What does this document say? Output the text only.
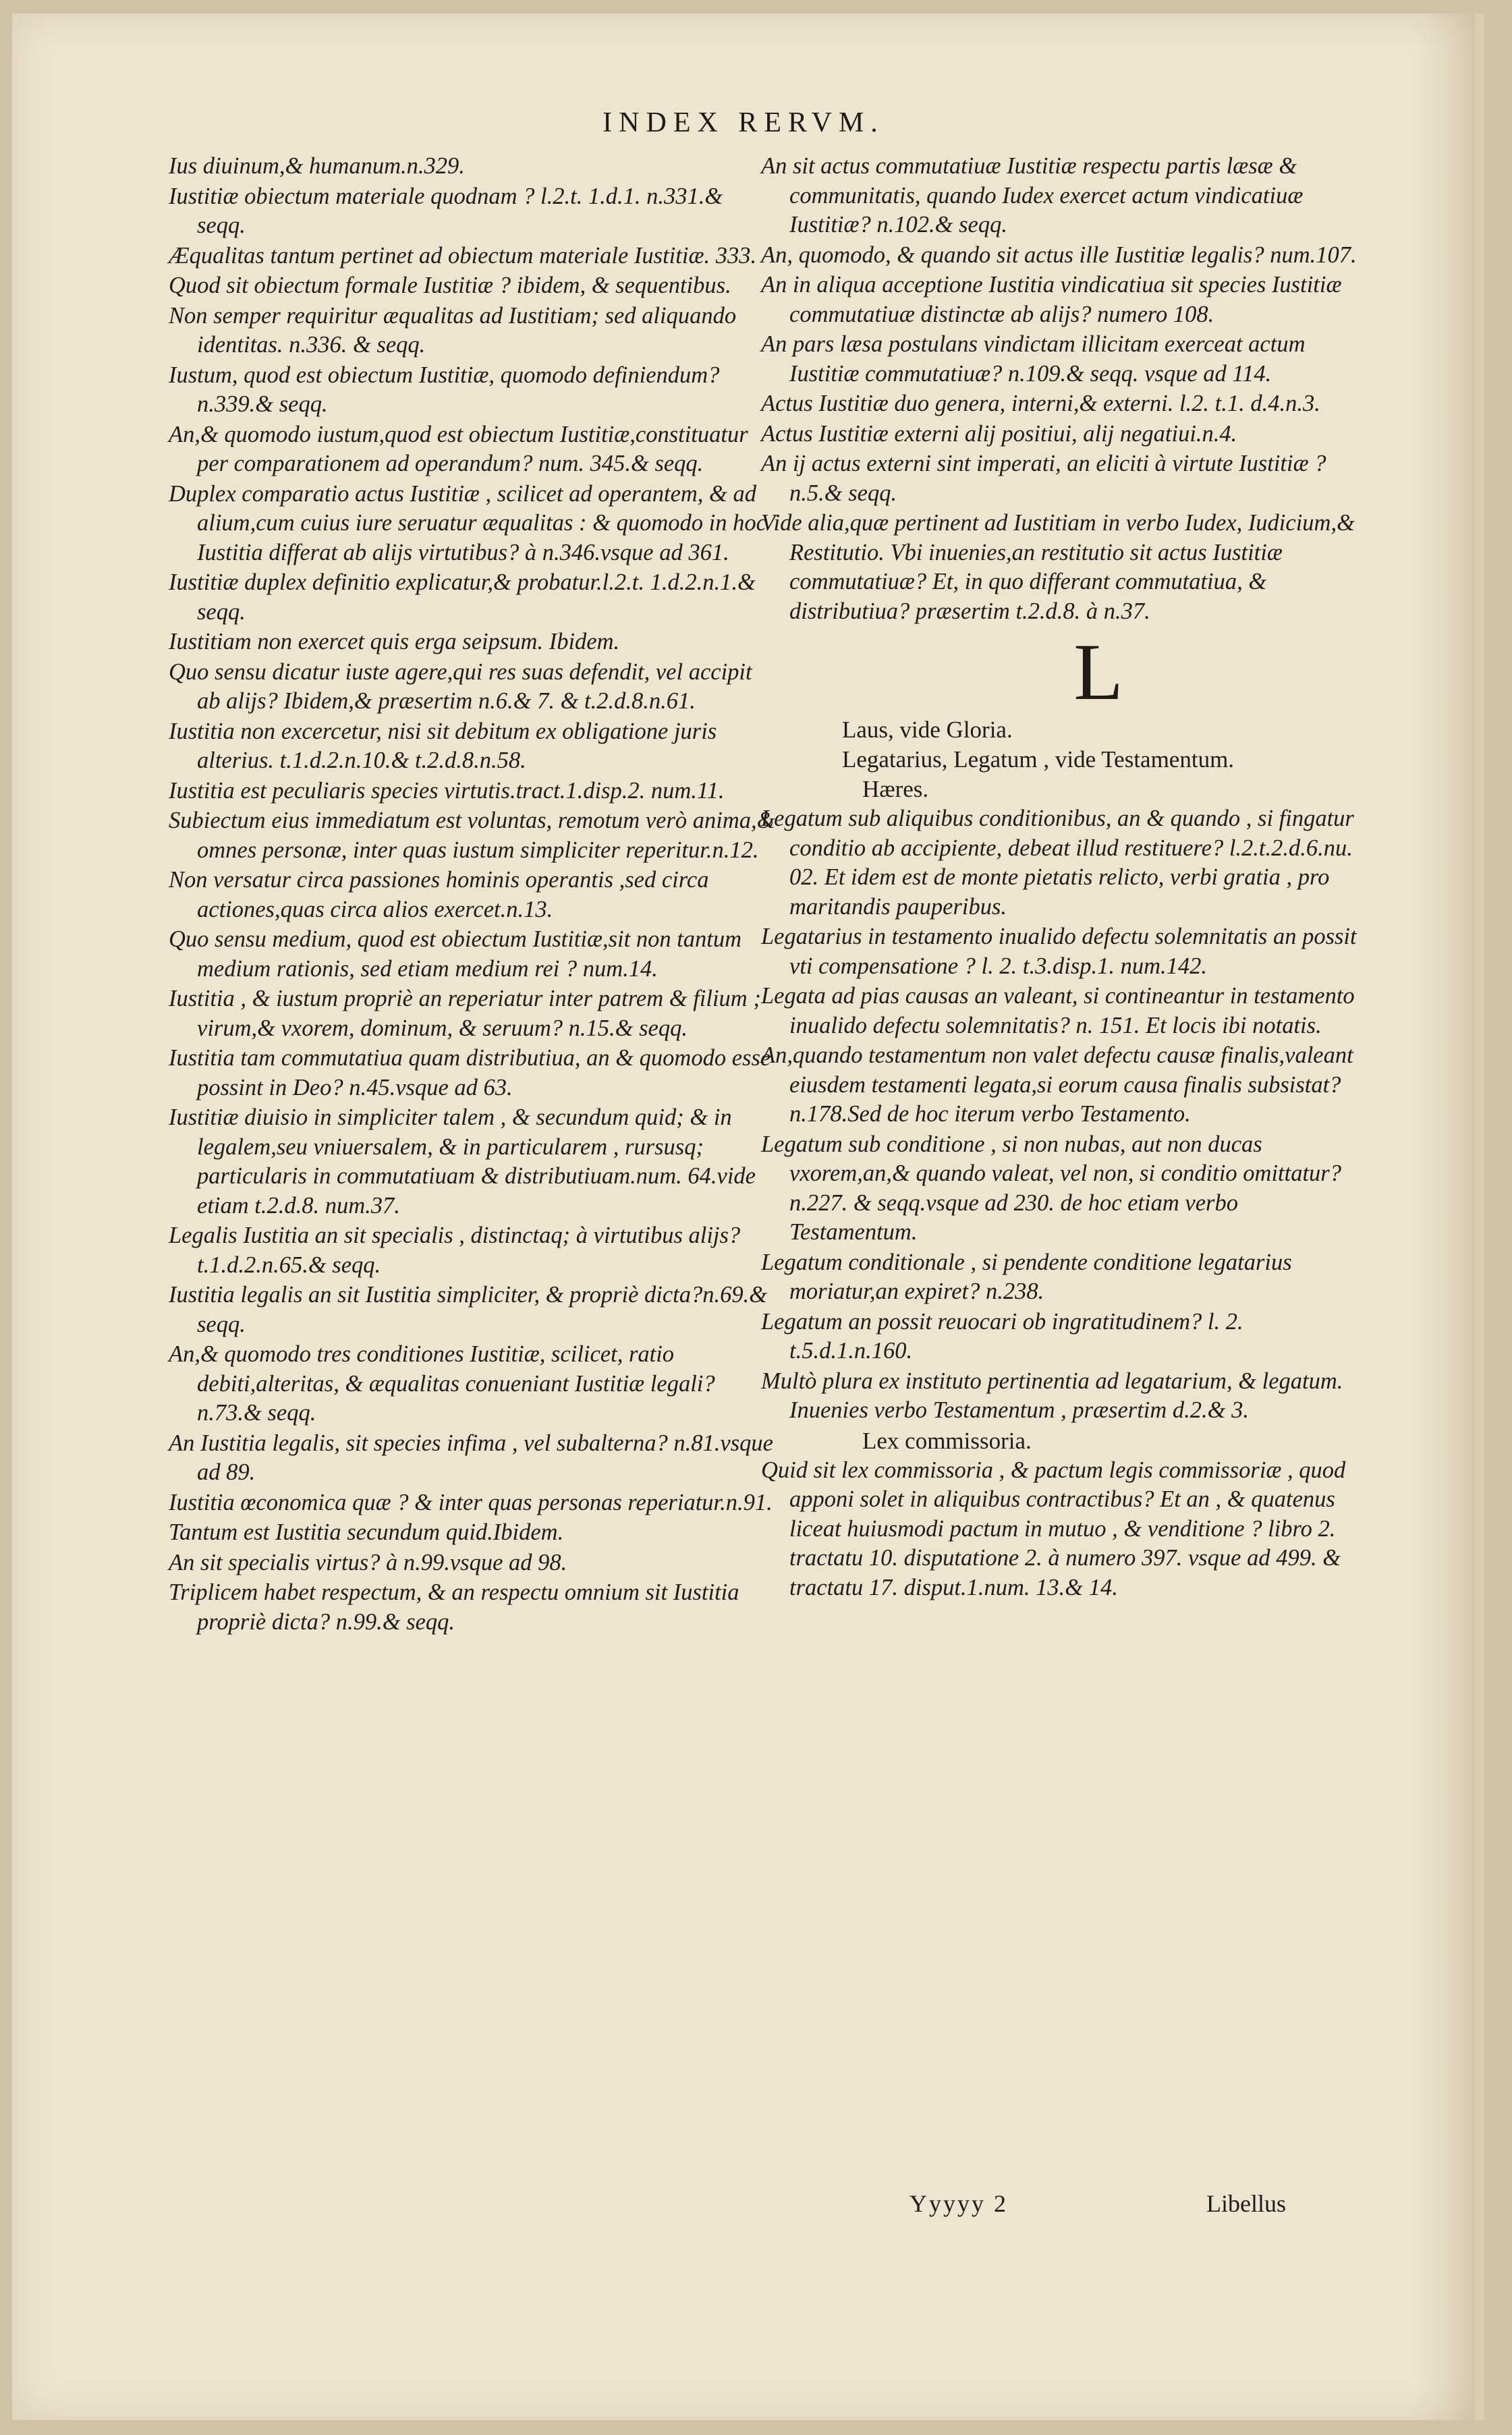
INDEX RERVM.
Ius diuinum,& humanum.n.329.
Iustitiæ obiectum materiale quodnam ? l.2.t. 1.d.1. n.331.& seqq.
Æqualitas tantum pertinet ad obiectum materiale Iustitiæ. 333.
Quod sit obiectum formale Iustitiæ ? ibidem, & sequentibus.
Non semper requiritur æqualitas ad Iustitiam; sed aliquando identitas. n.336. & seqq.
Iustum, quod est obiectum Iustitiæ, quomodo definiendum? n.339.& seqq.
An,& quomodo iustum,quod est obiectum Iustitiæ,constituatur per comparationem ad operandum? num. 345.& seqq.
Duplex comparatio actus Iustitiæ , scilicet ad operantem, & ad alium,cum cuius iure seruatur æqualitas : & quomodo in hoc Iustitia differat ab alijs virtutibus? à n.346.vsque ad 361.
Iustitiæ duplex definitio explicatur,& probatur.l.2.t. 1.d.2.n.1.& seqq.
Iustitiam non exercet quis erga seipsum. Ibidem.
Quo sensu dicatur iuste agere,qui res suas defendit, vel accipit ab alijs? Ibidem,& præsertim n.6.& 7. & t.2.d.8.n.61.
Iustitia non excercetur, nisi sit debitum ex obligatione juris alterius. t.1.d.2.n.10.& t.2.d.8.n.58.
Iustitia est peculiaris species virtutis.tract.1.disp.2. num.11.
Subiectum eius immediatum est voluntas, remotum verò anima,& omnes personæ, inter quas iustum simpliciter reperitur.n.12.
Non versatur circa passiones hominis operantis ,sed circa actiones,quas circa alios exercet.n.13.
Quo sensu medium, quod est obiectum Iustitiæ,sit non tantum medium rationis, sed etiam medium rei ? num.14.
Iustitia , & iustum propriè an reperiatur inter patrem & filium ; virum,& vxorem, dominum, & seruum? n.15.& seqq.
Iustitia tam commutatiua quam distributiua, an & quomodo esse possint in Deo? n.45.vsque ad 63.
Iustitiæ diuisio in simpliciter talem , & secundum quid; & in legalem,seu vniuersalem, & in particularem , rursusq; particularis in commutatiuam & distributiuam.num. 64.vide etiam t.2.d.8. num.37.
Legalis Iustitia an sit specialis , distinctaq; à virtutibus alijs? t.1.d.2.n.65.& seqq.
Iustitia legalis an sit Iustitia simpliciter, & propriè dicta?n.69.& seqq.
An,& quomodo tres conditiones Iustitiæ, scilicet, ratio debiti,alteritas, & æqualitas conueniant Iustitiæ legali? n.73.& seqq.
An Iustitia legalis, sit species infima , vel subalterna? n.81.vsque ad 89.
Iustitia œconomica quæ ? & inter quas personas reperiatur.n.91.
Tantum est Iustitia secundum quid.Ibidem.
An sit specialis virtus? à n.99.vsque ad 98.
Triplicem habet respectum, & an respectu omnium sit Iustitia propriè dicta? n.99.& seqq.
An sit actus commutatiuæ Iustitiæ respectu partis læsæ & communitatis, quando Iudex exercet actum vindicatiuæ Iustitiæ? n.102.& seqq.
An, quomodo, & quando sit actus ille Iustitiæ legalis? num.107.
An in aliqua acceptione Iustitia vindicatiua sit species Iustitiæ commutatiuæ distinctæ ab alijs? numero 108.
An pars læsa postulans vindictam illicitam exerceat actum Iustitiæ commutatiuæ? n.109.& seqq. vsque ad 114.
Actus Iustitiæ duo genera, interni,& externi. l.2. t.1. d.4.n.3.
Actus Iustitiæ externi alij positiui, alij negatiui.n.4.
An ij actus externi sint imperati, an eliciti à virtute Iustitiæ ? n.5.& seqq.
Vide alia,quæ pertinent ad Iustitiam in verbo Iudex, Iudicium,& Restitutio. Vbi inuenies,an restitutio sit actus Iustitiæ commutatiuæ? Et, in quo differant commutatiua, & distributiua? præsertim t.2.d.8. à n.37.
L
Laus, vide Gloria.
Legatarius, Legatum , vide Testamentum.
Hæres.
Legatum sub aliquibus conditionibus, an & quando , si fingatur conditio ab accipiente, debeat illud restituere? l.2.t.2.d.6.nu. 02. Et idem est de monte pietatis relicto, verbi gratia , pro maritandis pauperibus.
Legatarius in testamento inualido defectu solemnitatis an possit vti compensatione ? l. 2. t.3.disp.1. num.142.
Legata ad pias causas an valeant, si contineantur in testamento inualido defectu solemnitatis? n. 151. Et locis ibi notatis.
An,quando testamentum non valet defectu causæ finalis,valeant eiusdem testamenti legata,si eorum causa finalis subsistat? n.178.Sed de hoc iterum verbo Testamento.
Legatum sub conditione , si non nubas, aut non ducas vxorem,an,& quando valeat, vel non, si conditio omittatur? n.227. & seqq.vsque ad 230. de hoc etiam verbo Testamentum.
Legatum conditionale , si pendente conditione legatarius moriatur,an expiret? n.238.
Legatum an possit reuocari ob ingratitudinem? l. 2. t.5.d.1.n.160.
Multò plura ex instituto pertinentia ad legatarium, & legatum. Inuenies verbo Testamentum , præsertim d.2.& 3.
Lex commissoria.
Quid sit lex commissoria , & pactum legis commissoriæ , quod apponi solet in aliquibus contractibus? Et an , & quatenus liceat huiusmodi pactum in mutuo , & venditione ? libro 2. tractatu 10. disputatione 2. à numero 397. vsque ad 499. & tractatu 17. disput.1.num. 13.& 14.
Yyyyy 2	Libellus
